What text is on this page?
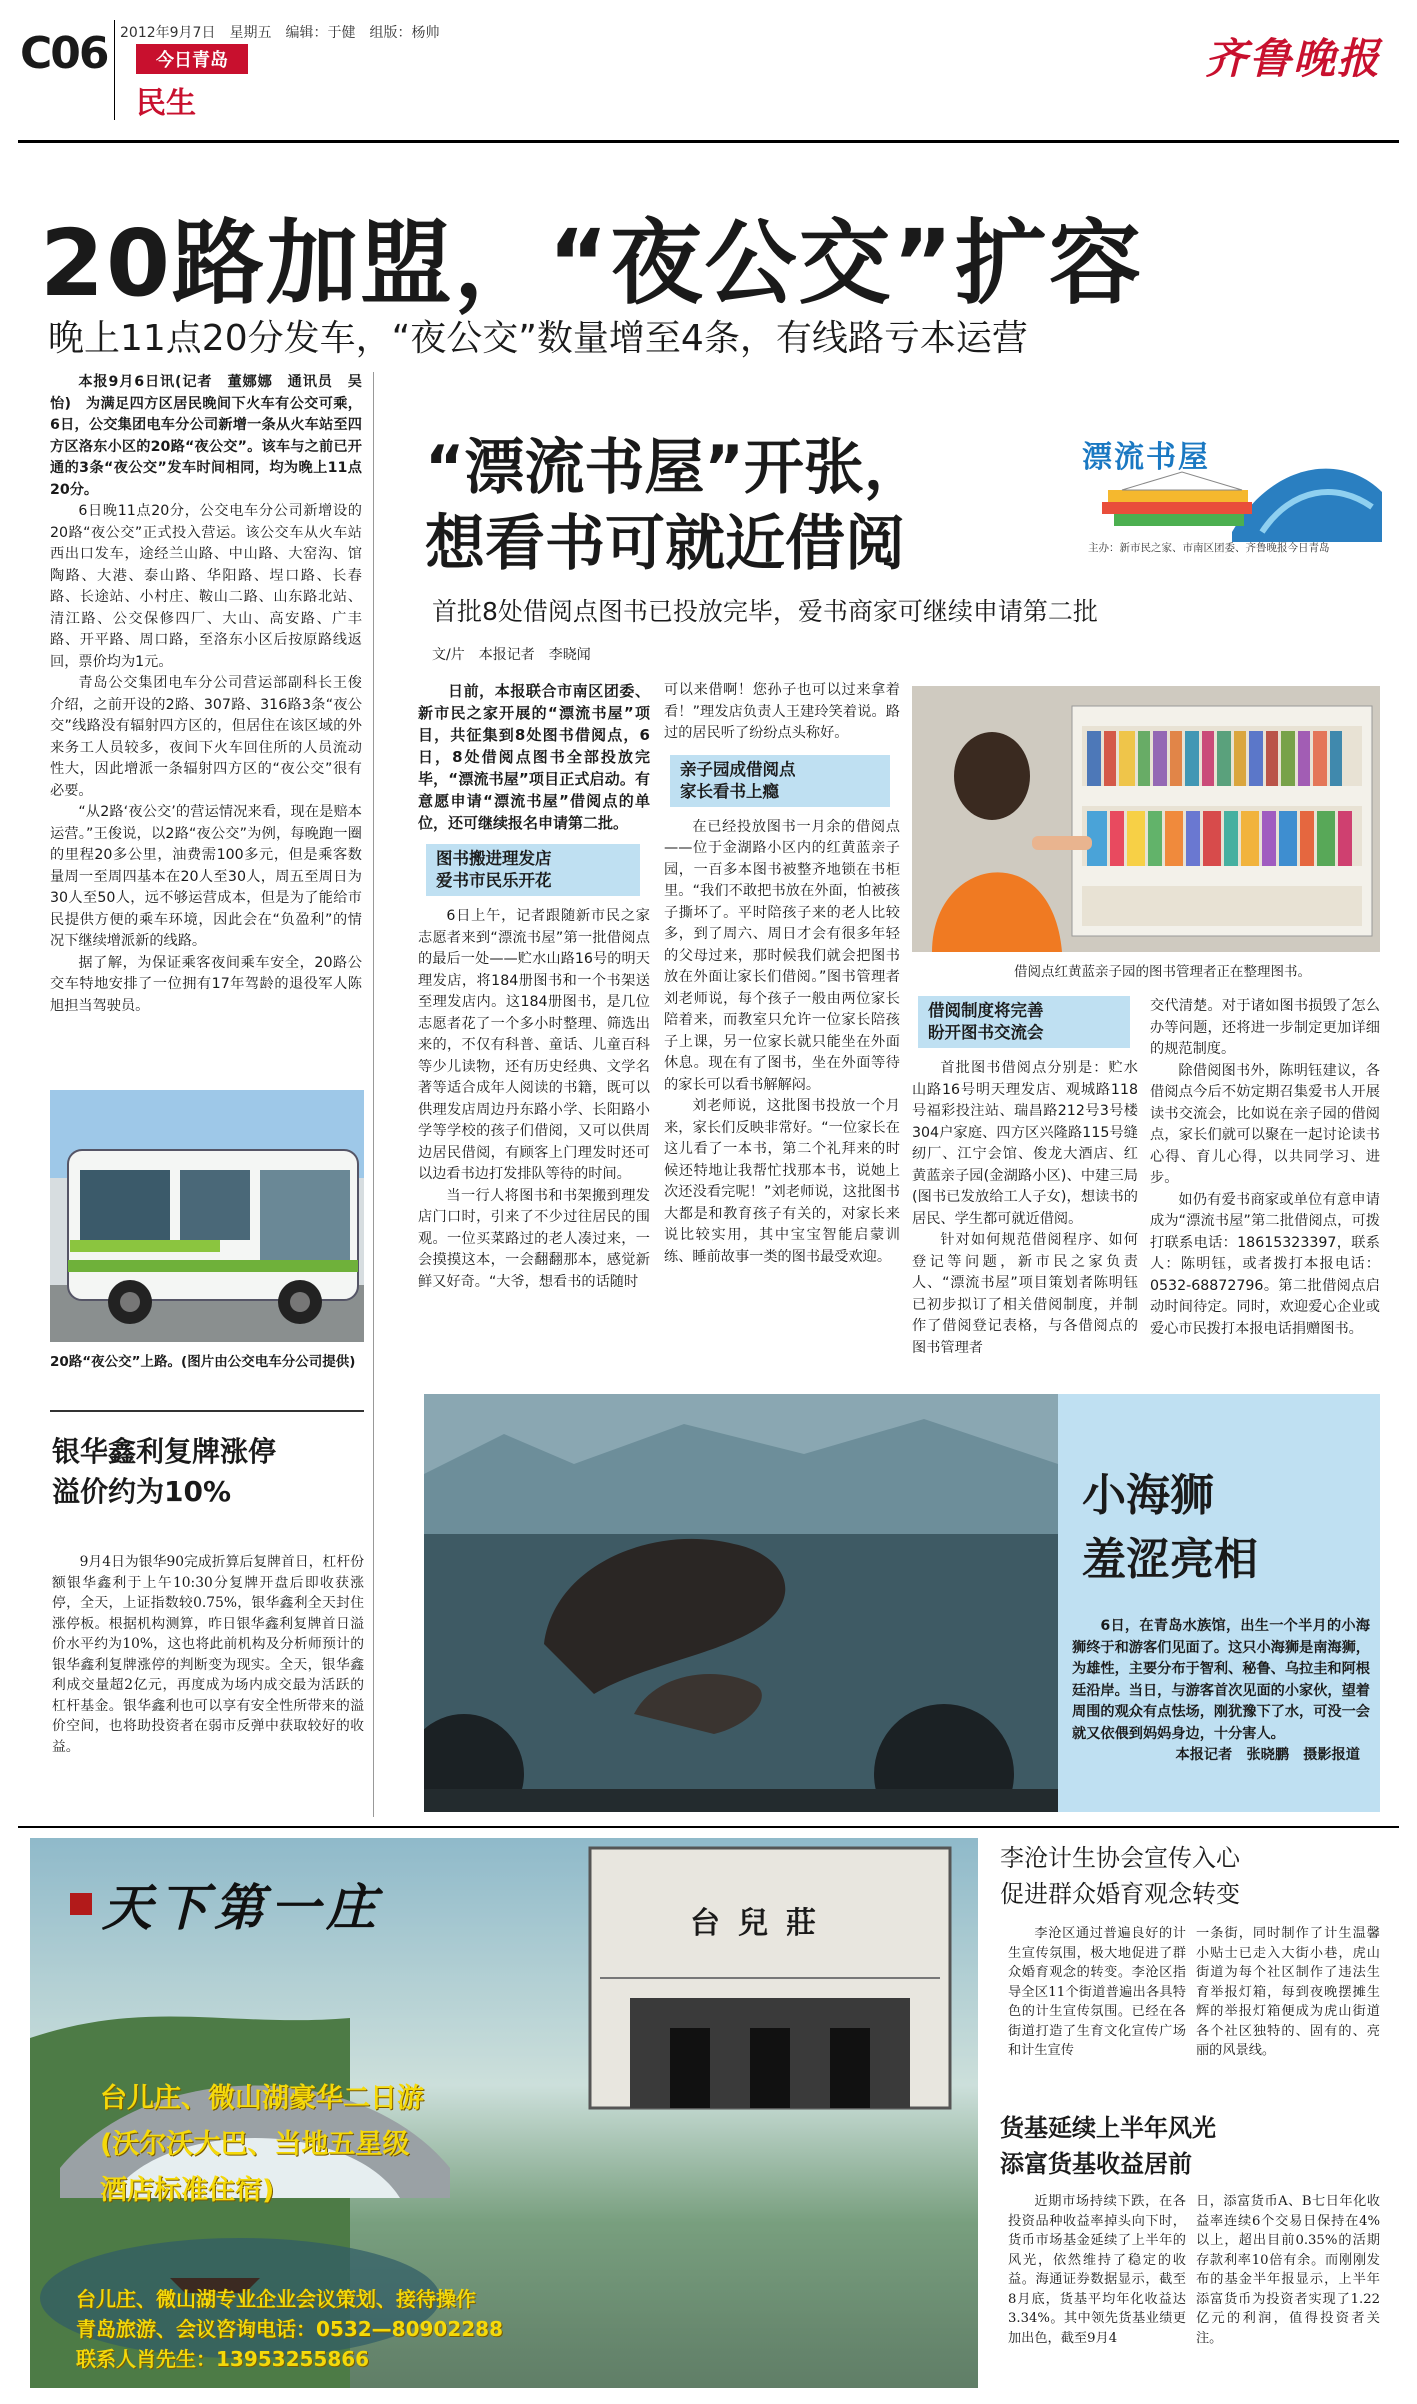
C06 2012年9月7日　星期五　编辑：于健　组版：杨帅
今日青岛
民生
齐鲁晚报
20路加盟，“夜公交”扩容
晚上11点20分发车，“夜公交”数量增至4条，有线路亏本运营

本报9月6日讯(记者　董娜娜　通讯员　吴怡)　为满足四方区居民晚间下火车有公交可乘，6日，公交集团电车分公司新增一条从火车站至四方区洛东小区的20路“夜公交”。该车与之前已开通的3条“夜公交”发车时间相同，均为晚上11点20分。

6日晚11点20分，公交电车分公司新增设的20路“夜公交”正式投入营运。该公交车从火车站西出口发车，途经兰山路、中山路、大窑沟、馆陶路、大港、泰山路、华阳路、埕口路、长春路、长途站、小村庄、鞍山二路、山东路北站、清江路、公交保修四厂、大山、高安路、广丰路、开平路、周口路，至洛东小区后按原路线返回，票价均为1元。

青岛公交集团电车分公司营运部副科长王俊介绍，之前开设的2路、307路、316路3条“夜公交”线路没有辐射四方区的，但居住在该区域的外来务工人员较多，夜间下火车回住所的人员流动性大，因此增派一条辐射四方区的“夜公交”很有必要。

“从2路‘夜公交’的营运情况来看，现在是赔本运营。”王俊说，以2路“夜公交”为例，每晚跑一圈的里程20多公里，油费需100多元，但是乘客数量周一至周四基本在20人至30人，周五至周日为30人至50人，远不够运营成本，但是为了能给市民提供方便的乘车环境，因此会在“负盈利”的情况下继续增派新的线路。

据了解，为保证乘客夜间乘车安全，20路公交车特地安排了一位拥有17年驾龄的退役军人陈旭担当驾驶员。

20路“夜公交”上路。(图片由公交电车分公司提供)
银华鑫利复牌涨停
溢价约为10%

9月4日为银华90完成折算后复牌首日，杠杆份额银华鑫利于上午10:30分复牌开盘后即收获涨停，全天，上证指数较0.75%，银华鑫利全天封住涨停板。根据机构测算，昨日银华鑫利复牌首日溢价水平约为10%，这也将此前机构及分析师预计的银华鑫利复牌涨停的判断变为现实。全天，银华鑫利成交量超2亿元，再度成为场内成交最为活跃的杠杆基金。银华鑫利也可以享有安全性所带来的溢价空间，也将助投资者在弱市反弹中获取较好的收益。

“漂流书屋”开张，
想看书可就近借阅
首批8处借阅点图书已投放完毕，爱书商家可继续申请第二批
文/片　本报记者　李晓闻
漂流书屋
主办：新市民之家、市南区团委、齐鲁晚报今日青岛
日前，本报联合市南区团委、新市民之家开展的“漂流书屋”项目，共征集到8处图书借阅点，6日，8处借阅点图书全部投放完毕，“漂流书屋”项目正式启动。有意愿申请“漂流书屋”借阅点的单位，还可继续报名申请第二批。
图书搬进理发店
爱书市民乐开花

6日上午，记者跟随新市民之家志愿者来到“漂流书屋”第一批借阅点的最后一处——贮水山路16号的明天理发店，将184册图书和一个书架送至理发店内。这184册图书，是几位志愿者花了一个多小时整理、筛选出来的，不仅有科普、童话、儿童百科等少儿读物，还有历史经典、文学名著等适合成年人阅读的书籍，既可以供理发店周边丹东路小学、长阳路小学等学校的孩子们借阅，又可以供周边居民借阅，有顾客上门理发时还可以边看书边打发排队等待的时间。

当一行人将图书和书架搬到理发店门口时，引来了不少过往居民的围观。一位买菜路过的老人凑过来，一会摸摸这本，一会翻翻那本，感觉新鲜又好奇。“大爷，想看书的话随时

可以来借啊！您孙子也可以过来拿着看！”理发店负责人王建玲笑着说。路过的居民听了纷纷点头称好。

亲子园成借阅点
家长看书上瘾

在已经投放图书一月余的借阅点——位于金湖路小区内的红黄蓝亲子园，一百多本图书被整齐地锁在书柜里。“我们不敢把书放在外面，怕被孩子撕坏了。平时陪孩子来的老人比较多，到了周六、周日才会有很多年轻的父母过来，那时候我们就会把图书放在外面让家长们借阅。”图书管理者刘老师说，每个孩子一般由两位家长陪着来，而教室只允许一位家长陪孩子上课，另一位家长就只能坐在外面休息。现在有了图书，坐在外面等待的家长可以看书解解闷。

刘老师说，这批图书投放一个月来，家长们反映非常好。“一位家长在这儿看了一本书，第二个礼拜来的时候还特地让我帮忙找那本书，说她上次还没看完呢！”刘老师说，这批图书大都是和教育孩子有关的，对家长来说比较实用，其中宝宝智能启蒙训练、睡前故事一类的图书最受欢迎。

借阅点红黄蓝亲子园的图书管理者正在整理图书。
借阅制度将完善
盼开图书交流会

首批图书借阅点分别是：贮水山路16号明天理发店、观城路118号福彩投注站、瑞昌路212号3号楼304户家庭、四方区兴隆路115号缝纫厂、江宁会馆、俊龙大酒店、红黄蓝亲子园(金湖路小区)、中建三局(图书已发放给工人子女)，想读书的居民、学生都可就近借阅。

针对如何规范借阅程序、如何登记等问题，新市民之家负责人、“漂流书屋”项目策划者陈明钰已初步拟订了相关借阅制度，并制作了借阅登记表格，与各借阅点的图书管理者

交代清楚。对于诸如图书损毁了怎么办等问题，还将进一步制定更加详细的规范制度。

除借阅图书外，陈明钰建议，各借阅点今后不妨定期召集爱书人开展读书交流会，比如说在亲子园的借阅点，家长们就可以聚在一起讨论读书心得、育儿心得，以共同学习、进步。

如仍有爱书商家或单位有意申请成为“漂流书屋”第二批借阅点，可拨打联系电话：18615323397，联系人：陈明钰，或者拨打本报电话：0532-68872796。第二批借阅点启动时间待定。同时，欢迎爱心企业或爱心市民拨打本报电话捐赠图书。

小海狮
羞涩亮相

6日，在青岛水族馆，出生一个半月的小海狮终于和游客们见面了。这只小海狮是南海狮，为雄性，主要分布于智利、秘鲁、乌拉圭和阿根廷沿岸。当日，与游客首次见面的小家伙，望着周围的观众有点怯场，刚犹豫下了水，可没一会就又依偎到妈妈身边，十分害人。

本报记者　张晓鹏　摄影报道
台兒莊
天下第一庄
台儿庄、微山湖豪华二日游
(沃尔沃大巴、当地五星级
酒店标准住宿)
台儿庄、微山湖专业企业会议策划、接待操作
青岛旅游、会议咨询电话：0532—80902288
联系人肖先生：13953255866
李沧计生协会宣传入心
促进群众婚育观念转变

李沧区通过普遍良好的计生宣传氛围，极大地促进了群众婚育观念的转变。李沧区指导全区11个街道普遍出各具特色的计生宣传氛围。已经在各街道打造了生育文化宣传广场和计生宣传

一条街，同时制作了计生温馨小贴士已走入大街小巷，虎山街道为每个社区制作了违法生育举报灯箱，每到夜晚摆摊生辉的举报灯箱便成为虎山街道各个社区独特的、固有的、亮丽的风景线。

货基延续上半年风光
添富货基收益居前

近期市场持续下跌，在各投资品种收益率掉头向下时，货币市场基金延续了上半年的风光，依然维持了稳定的收益。海通证券数据显示，截至8月底，货基平均年化收益达3.34%。其中领先货基业绩更加出色，截至9月4

日，添富货币A、B七日年化收益率连续6个交易日保持在4%以上，超出目前0.35%的活期存款利率10倍有余。而刚刚发布的基金半年报显示，上半年添富货币为投资者实现了1.22亿元的利润，值得投资者关注。
